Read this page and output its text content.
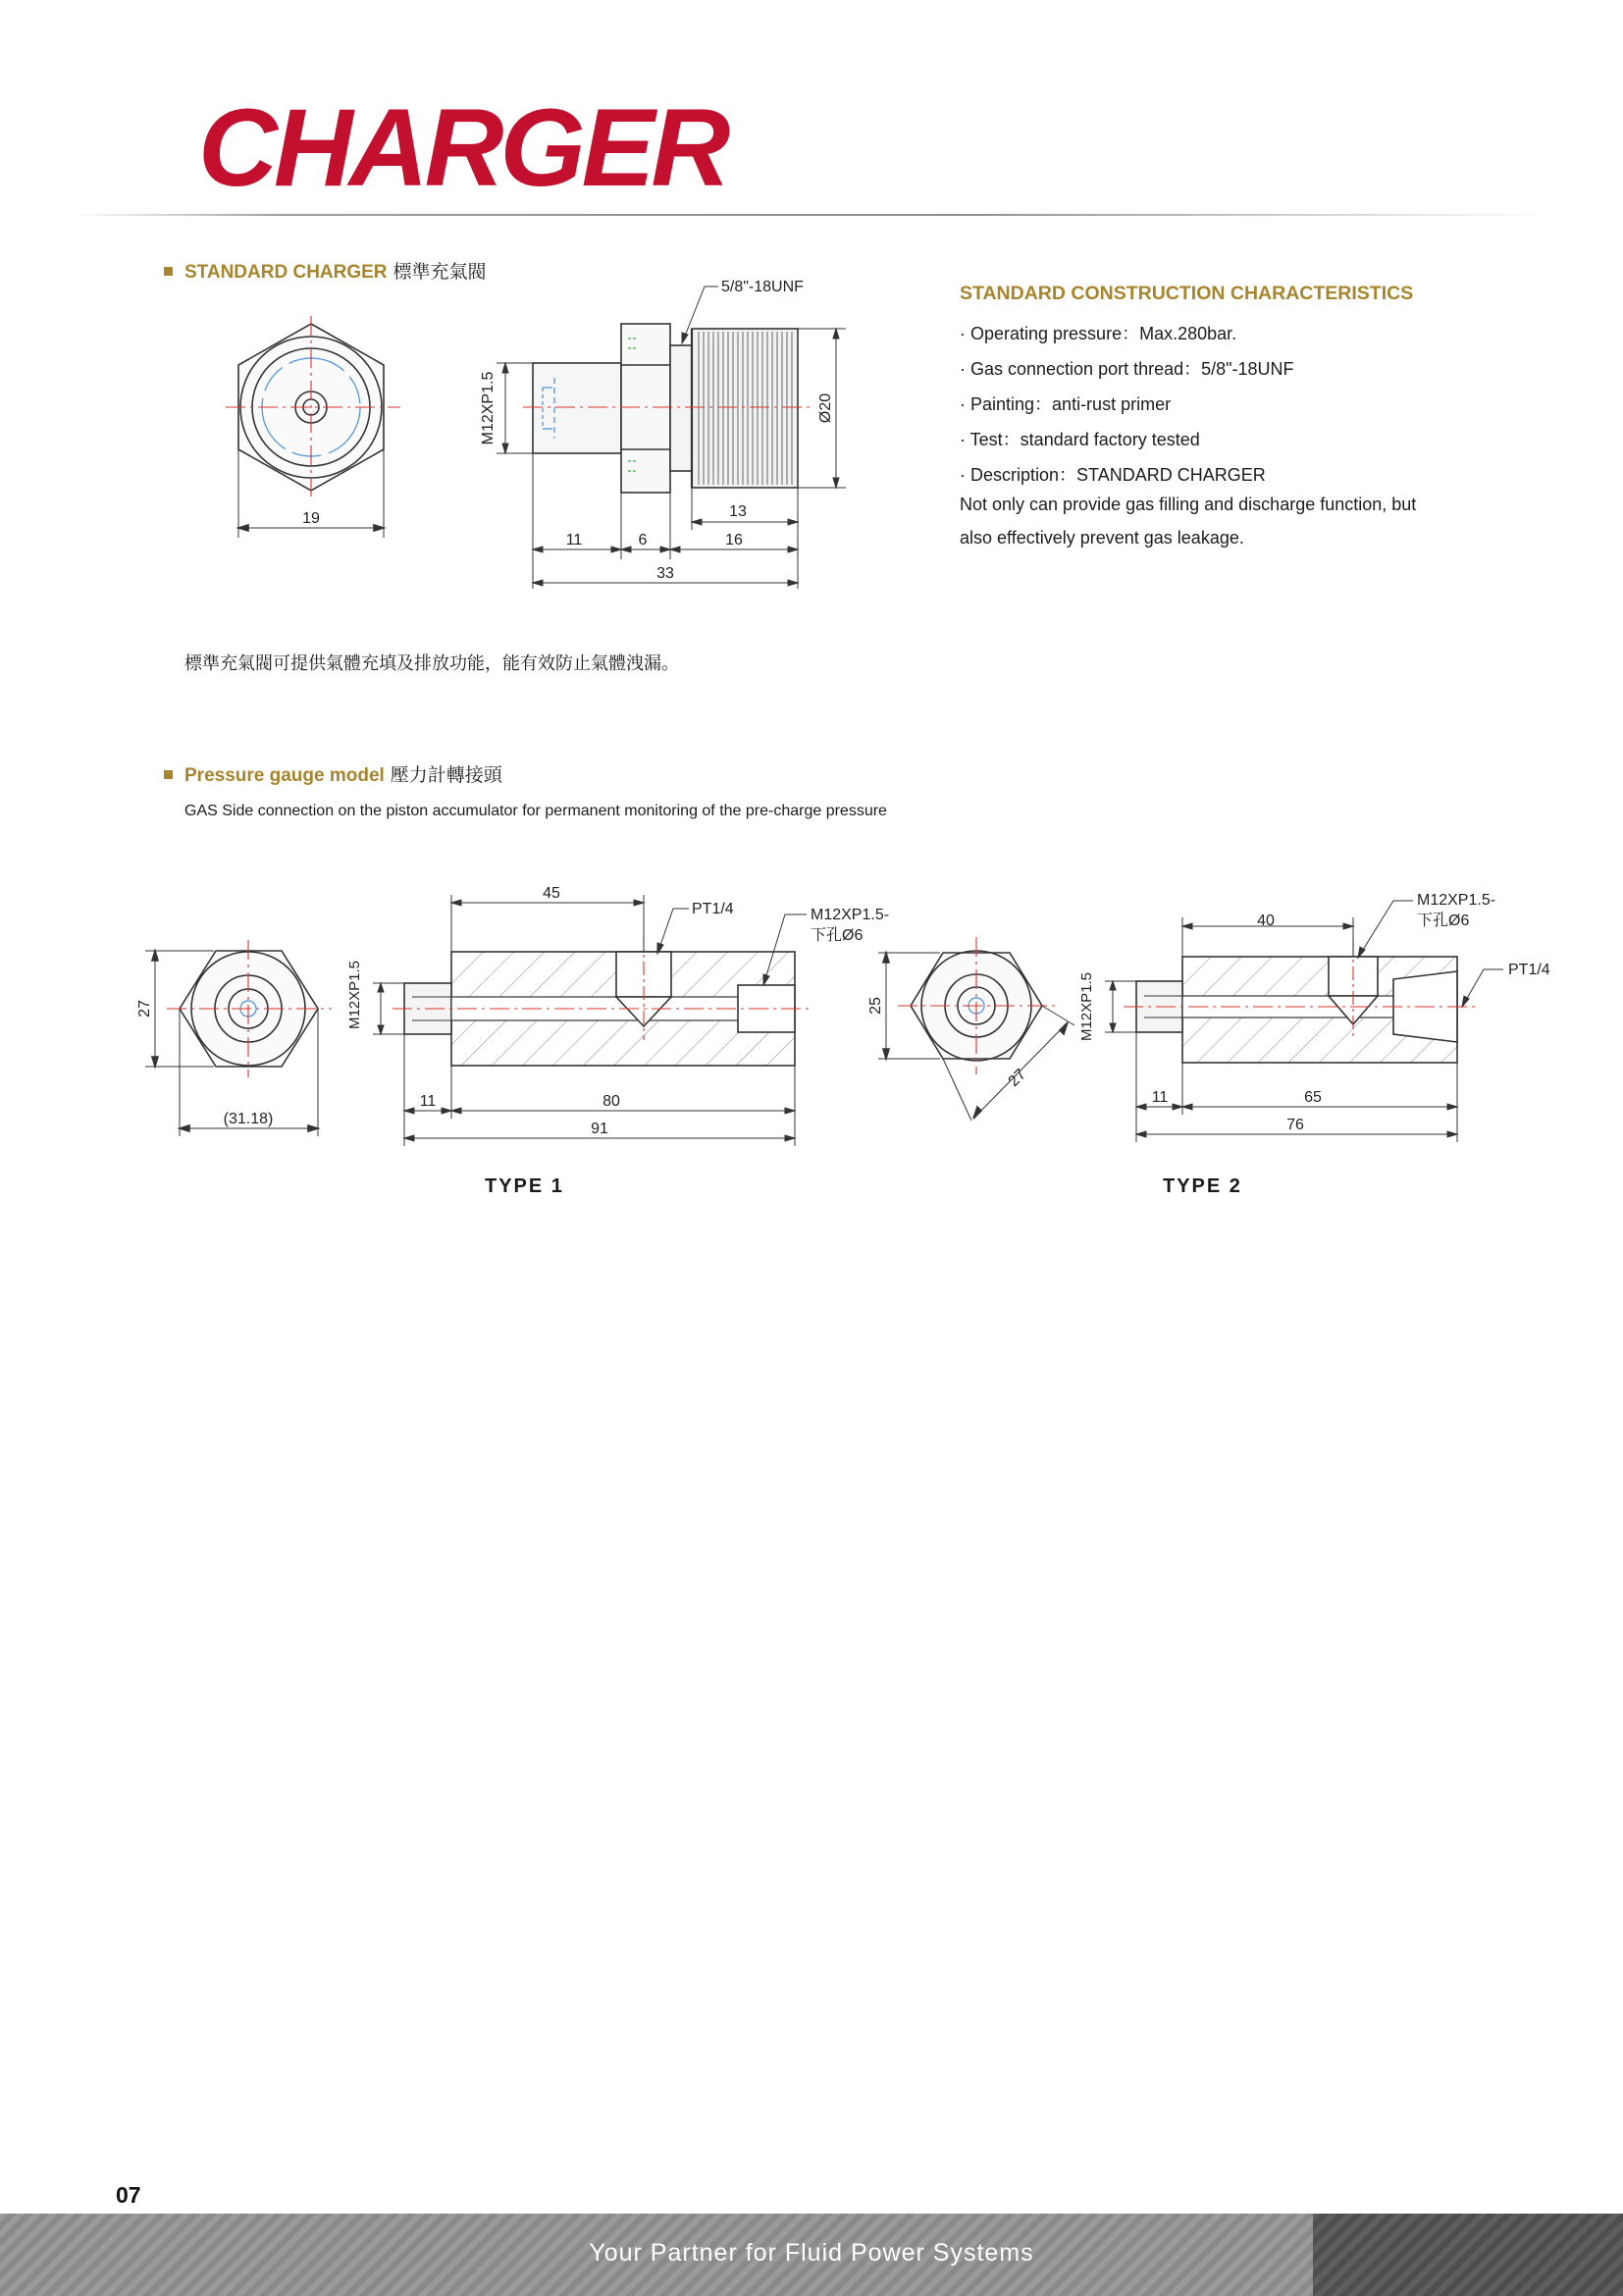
CHARGER
STANDARD CHARGER 標準充氣閥
19
5/8"-18UNF
M12XP1.5	Ø20
13
11	6	16
33
STANDARD CONSTRUCTION CHARACTERISTICS
· Operating pressure：Max.280bar.
· Gas connection port thread：5/8"-18UNF
· Painting：anti-rust primer
· Test：standard factory tested
· Description：STANDARD CHARGER
Not only can provide gas filling and discharge function, but
also effectively prevent gas leakage.
標準充氣閥可提供氣體充填及排放功能，能有效防止氣體洩漏。
Pressure gauge model 壓力計轉接頭
GAS Side connection on the piston accumulator for permanent monitoring of the pre-charge pressure
27
(31.18)
M12XP1.5
45
PT1/4	M12XP1.5-
下孔Ø6
11	80
91
TYPE 1
25
27
M12XP1.5
40
M12XP1.5-
下孔Ø6
PT1/4
11	65
76
TYPE 2
07
Your Partner for Fluid Power Systems
